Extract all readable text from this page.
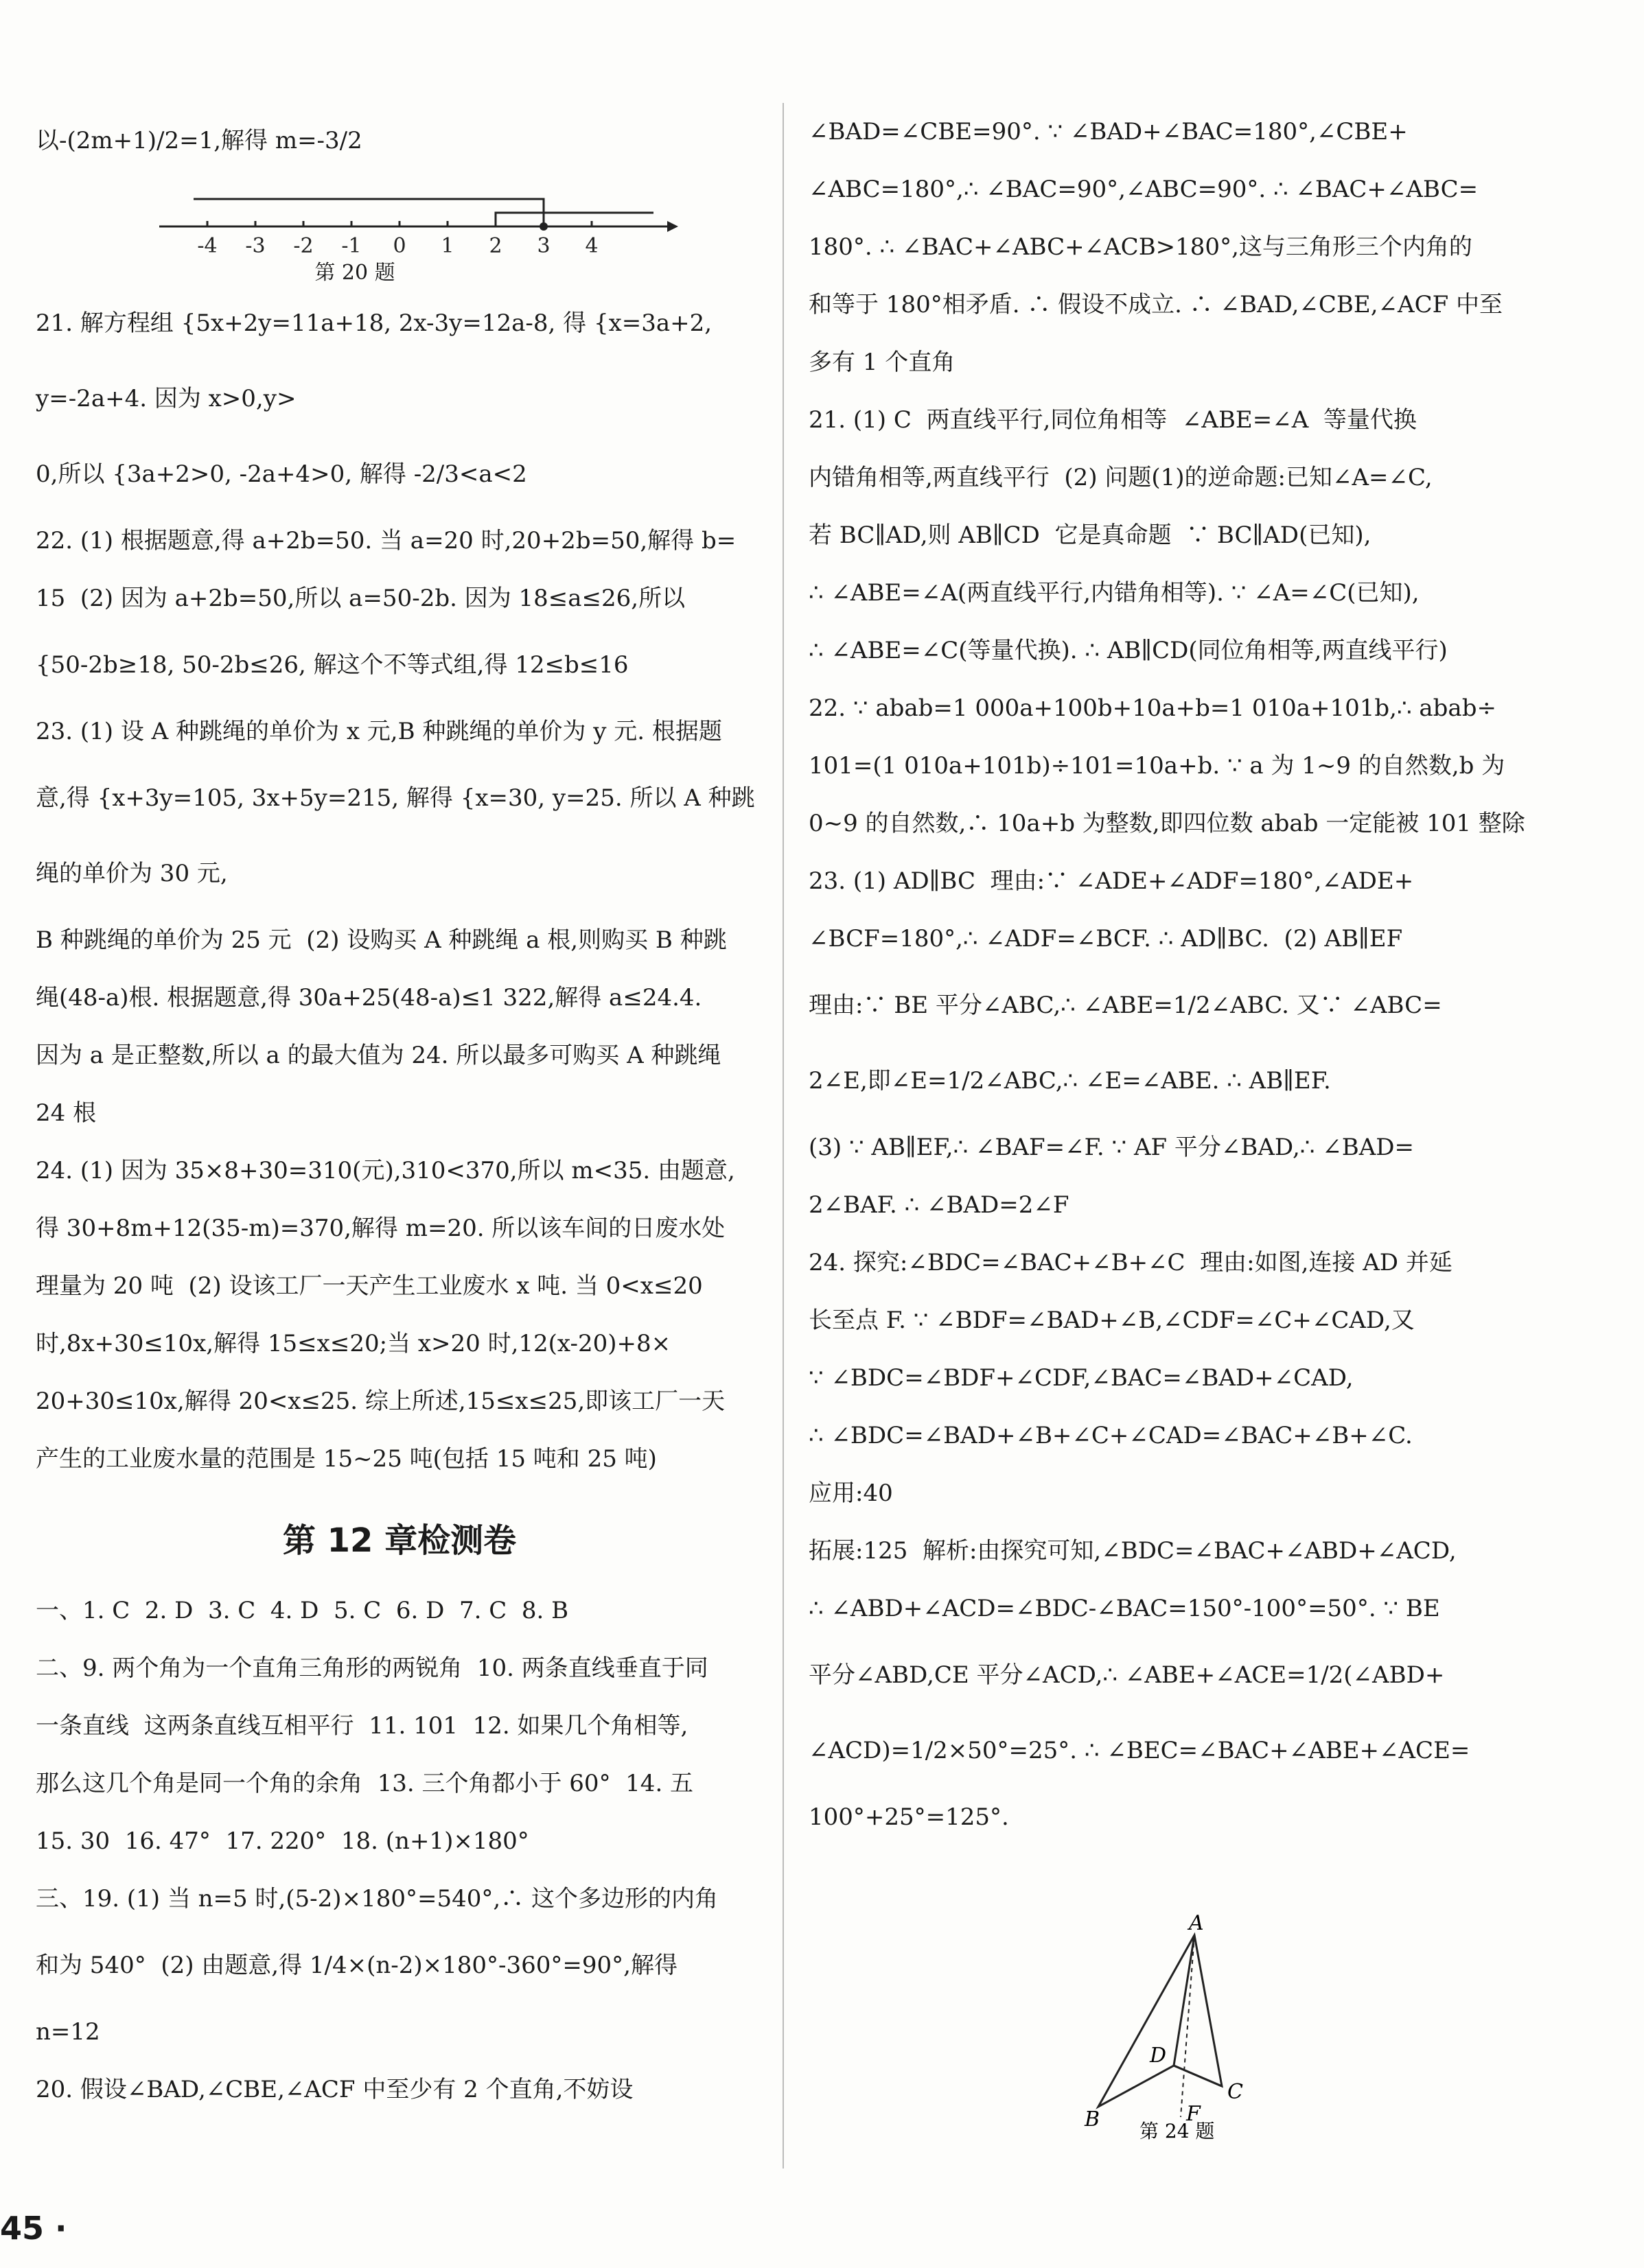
以-(2m+1)/2=1,解得 m=-3/2

-4 -3 -2 -1 0 1 2 3 4
第 20 题

21. 解方程组 {5x+2y=11a+18, 2x-3y=12a-8, 得 {x=3a+2, y=-2a+4. 因为 x>0,y>

0,所以 {3a+2>0, -2a+4>0, 解得 -2/3<a<2

22. (1) 根据题意,得 a+2b=50. 当 a=20 时,20+2b=50,解得 b=

15  (2) 因为 a+2b=50,所以 a=50-2b. 因为 18≤a≤26,所以

{50-2b≥18, 50-2b≤26, 解这个不等式组,得 12≤b≤16

23. (1) 设 A 种跳绳的单价为 x 元,B 种跳绳的单价为 y 元. 根据题

意,得 {x+3y=105, 3x+5y=215, 解得 {x=30, y=25. 所以 A 种跳绳的单价为 30 元,

B 种跳绳的单价为 25 元  (2) 设购买 A 种跳绳 a 根,则购买 B 种跳

绳(48-a)根. 根据题意,得 30a+25(48-a)≤1 322,解得 a≤24.4.

因为 a 是正整数,所以 a 的最大值为 24. 所以最多可购买 A 种跳绳

24 根

24. (1) 因为 35×8+30=310(元),310<370,所以 m<35. 由题意,

得 30+8m+12(35-m)=370,解得 m=20. 所以该车间的日废水处

理量为 20 吨  (2) 设该工厂一天产生工业废水 x 吨. 当 0<x≤20

时,8x+30≤10x,解得 15≤x≤20;当 x>20 时,12(x-20)+8×

20+30≤10x,解得 20<x≤25. 综上所述,15≤x≤25,即该工厂一天

产生的工业废水量的范围是 15~25 吨(包括 15 吨和 25 吨)

第 12 章检测卷

一、1. C  2. D  3. C  4. D  5. C  6. D  7. C  8. B

二、9. 两个角为一个直角三角形的两锐角  10. 两条直线垂直于同

一条直线  这两条直线互相平行  11. 101  12. 如果几个角相等,

那么这几个角是同一个角的余角  13. 三个角都小于 60°  14. 五

15. 30  16. 47°  17. 220°  18. (n+1)×180°

三、19. (1) 当 n=5 时,(5-2)×180°=540°,∴ 这个多边形的内角

和为 540°  (2) 由题意,得 1/4×(n-2)×180°-360°=90°,解得

n=12

20. 假设∠BAD,∠CBE,∠ACF 中至少有 2 个直角,不妨设

∠BAD=∠CBE=90°. ∵ ∠BAD+∠BAC=180°,∠CBE+

∠ABC=180°,∴ ∠BAC=90°,∠ABC=90°. ∴ ∠BAC+∠ABC=

180°. ∴ ∠BAC+∠ABC+∠ACB>180°,这与三角形三个内角的

和等于 180°相矛盾. ∴ 假设不成立. ∴ ∠BAD,∠CBE,∠ACF 中至

多有 1 个直角

21. (1) C  两直线平行,同位角相等  ∠ABE=∠A  等量代换

内错角相等,两直线平行  (2) 问题(1)的逆命题:已知∠A=∠C,

若 BC∥AD,则 AB∥CD  它是真命题  ∵ BC∥AD(已知),

∴ ∠ABE=∠A(两直线平行,内错角相等). ∵ ∠A=∠C(已知),

∴ ∠ABE=∠C(等量代换). ∴ AB∥CD(同位角相等,两直线平行)

22. ∵ abab=1 000a+100b+10a+b=1 010a+101b,∴ abab÷

101=(1 010a+101b)÷101=10a+b. ∵ a 为 1~9 的自然数,b 为

0~9 的自然数,∴ 10a+b 为整数,即四位数 abab 一定能被 101 整除

23. (1) AD∥BC  理由:∵ ∠ADE+∠ADF=180°,∠ADE+

∠BCF=180°,∴ ∠ADF=∠BCF. ∴ AD∥BC.  (2) AB∥EF

理由:∵ BE 平分∠ABC,∴ ∠ABE=1/2∠ABC. 又∵ ∠ABC=

2∠E,即∠E=1/2∠ABC,∴ ∠E=∠ABE. ∴ AB∥EF.

(3) ∵ AB∥EF,∴ ∠BAF=∠F. ∵ AF 平分∠BAD,∴ ∠BAD=

2∠BAF. ∴ ∠BAD=2∠F

24. 探究:∠BDC=∠BAC+∠B+∠C  理由:如图,连接 AD 并延

长至点 F. ∵ ∠BDF=∠BAD+∠B,∠CDF=∠C+∠CAD,又

∵ ∠BDC=∠BDF+∠CDF,∠BAC=∠BAD+∠CAD,

∴ ∠BDC=∠BAD+∠B+∠C+∠CAD=∠BAC+∠B+∠C.

应用:40

拓展:125  解析:由探究可知,∠BDC=∠BAC+∠ABD+∠ACD,

∴ ∠ABD+∠ACD=∠BDC-∠BAC=150°-100°=50°. ∵ BE

平分∠ABD,CE 平分∠ACD,∴ ∠ABE+∠ACE=1/2(∠ABD+

∠ACD)=1/2×50°=25°. ∴ ∠BEC=∠BAC+∠ABE+∠ACE=

100°+25°=125°.

A
B
C
D
F
第 24 题
45 ·
